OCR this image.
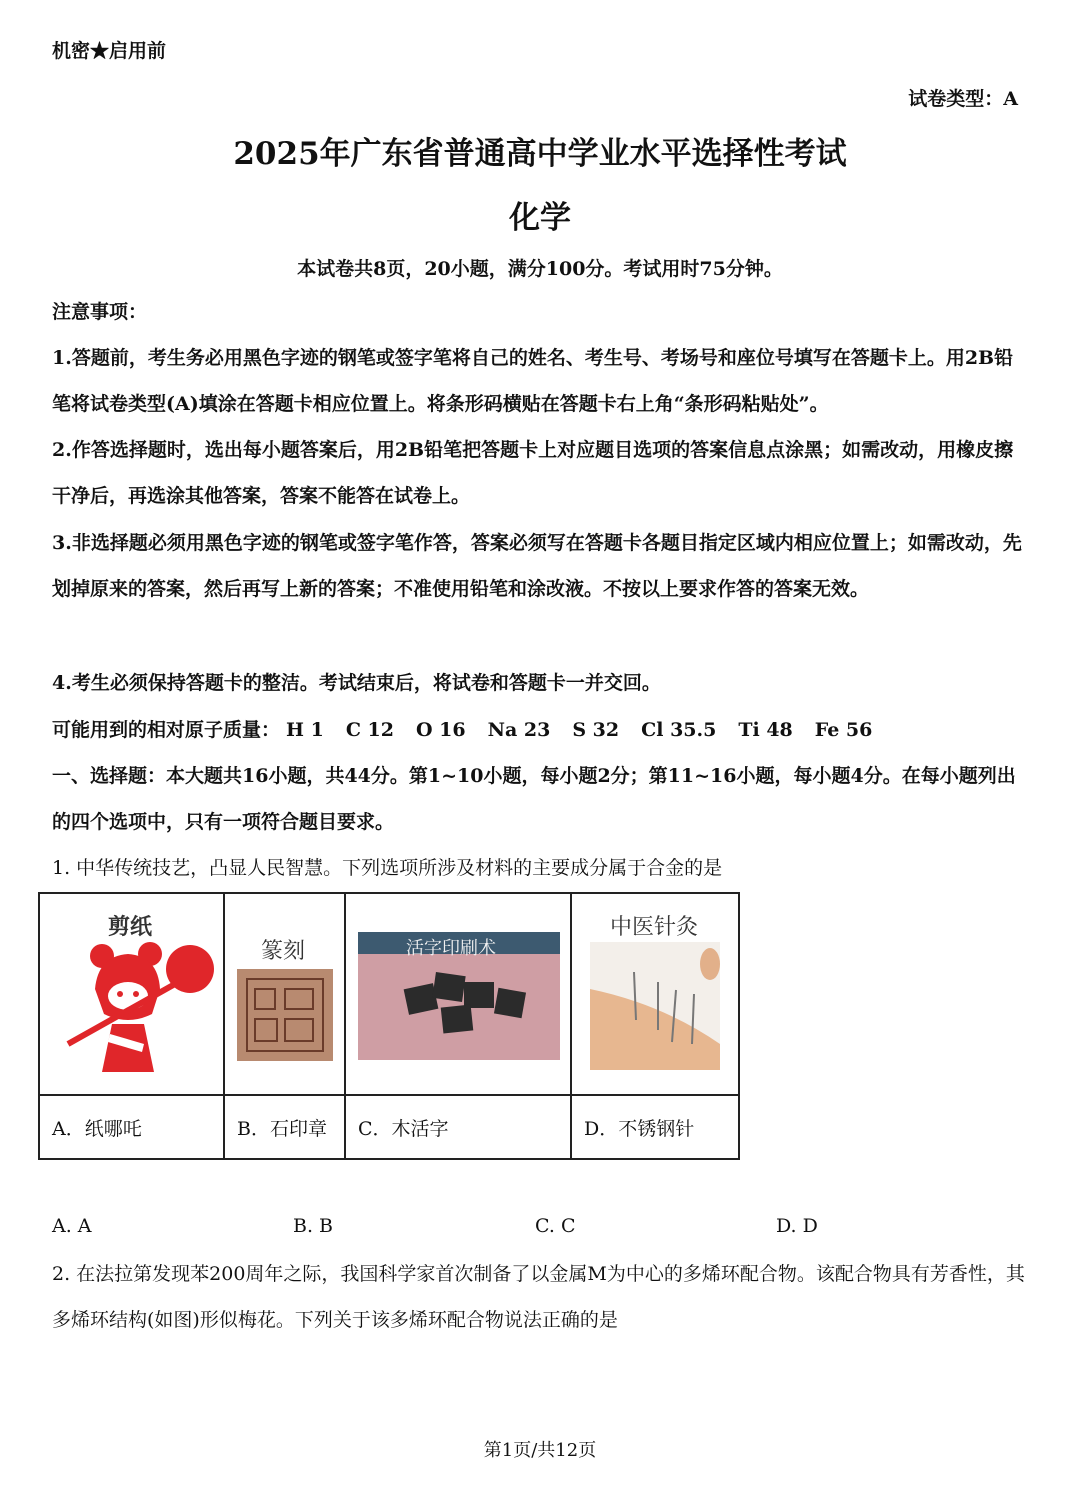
机密★启用前
试卷类型：A
2025年广东省普通高中学业水平选择性考试
化学
本试卷共8页，20小题，满分100分。考试用时75分钟。
注意事项：
1.答题前，考生务必用黑色字迹的钢笔或签字笔将自己的姓名、考生号、考场号和座位号填写在答题卡上。用2B铅笔将试卷类型(A)填涂在答题卡相应位置上。将条形码横贴在答题卡右上角“条形码粘贴处”。
2.作答选择题时，选出每小题答案后，用2B铅笔把答题卡上对应题目选项的答案信息点涂黑；如需改动，用橡皮擦干净后，再选涂其他答案，答案不能答在试卷上。
3.非选择题必须用黑色字迹的钢笔或签字笔作答，答案必须写在答题卡各题目指定区域内相应位置上；如需改动，先划掉原来的答案，然后再写上新的答案；不准使用铅笔和涂改液。不按以上要求作答的答案无效。
4.考生必须保持答题卡的整洁。考试结束后，将试卷和答题卡一并交回。
可能用到的相对原子质量： H 1 C 12 O 16 Na 23 S 32 Cl 35.5 Ti 48 Fe 56
一、选择题：本大题共16小题，共44分。第1~10小题，每小题2分；第11~16小题，每小题4分。在每小题列出的四个选项中，只有一项符合题目要求。
1. 中华传统技艺，凸显人民智慧。下列选项所涉及材料的主要成分属于合金的是
剪纸	篆刻	活字印刷术	中医针灸

A．纸哪吒	B．石印章	C．木活字	D．不锈钢针
A. A	B. B	C. C	D. D
2. 在法拉第发现苯200周年之际，我国科学家首次制备了以金属M为中心的多烯环配合物。该配合物具有芳香性，其多烯环结构(如图)形似梅花。下列关于该多烯环配合物说法正确的是
第1页/共12页
